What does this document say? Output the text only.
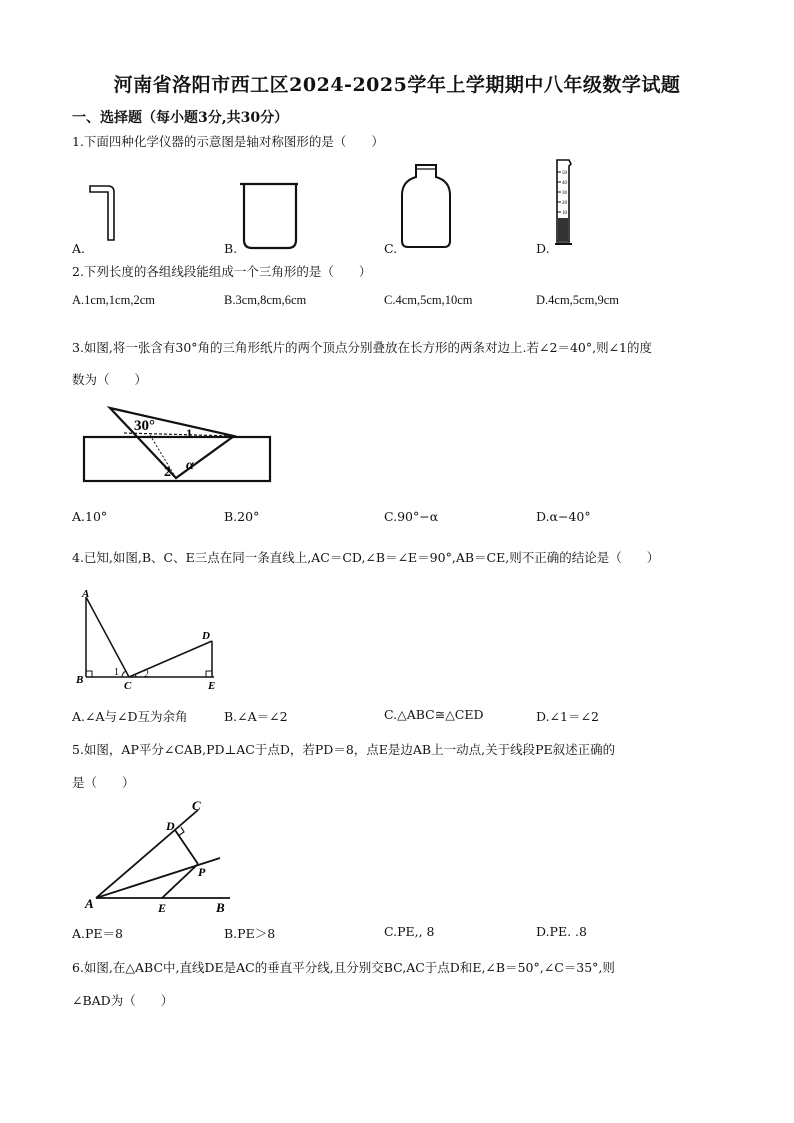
河南省洛阳市西工区2024-2025学年上学期期中八年级数学试题
一、选择题（每小题3分,共30分）
1.下面四种化学仪器的示意图是轴对称图形的是（　　）
A.	B.	C.
50
40
30
20
10
D.
2.下列长度的各组线段能组成一个三角形的是（　　）
A.1cm,1cm,2cm	B.3cm,8cm,6cm	C.4cm,5cm,10cm	D.4cm,5cm,9cm
3.如图,将一张含有30°角的三角形纸片的两个顶点分别叠放在长方形的两条对边上.若∠2＝40°,则∠1的度
数为（　　）
30° 1
2 α
A.10°	B.20°	C.90°−α	D.α−40°
4.已知,如图,B、C、E三点在同一条直线上,AC＝CD,∠B＝∠E＝90°,AB＝CE,则不正确的结论是（　　）
A
B	C
D
E
1	2
A.∠A与∠D互为余角	B.∠A＝∠2	C.△ABC≅△CED	D.∠1＝∠2
5.如图，AP平分∠CAB,PD⊥AC于点D，若PD＝8，点E是边AB上一动点,关于线段PE叙述正确的
是（　　）
C
D
P
A	E	B
A.PE＝8	B.PE＞8	C.PE,, 8	D.PE. .8
6.如图,在△ABC中,直线DE是AC的垂直平分线,且分别交BC,AC于点D和E,∠B＝50°,∠C＝35°,则
∠BAD为（　　）
